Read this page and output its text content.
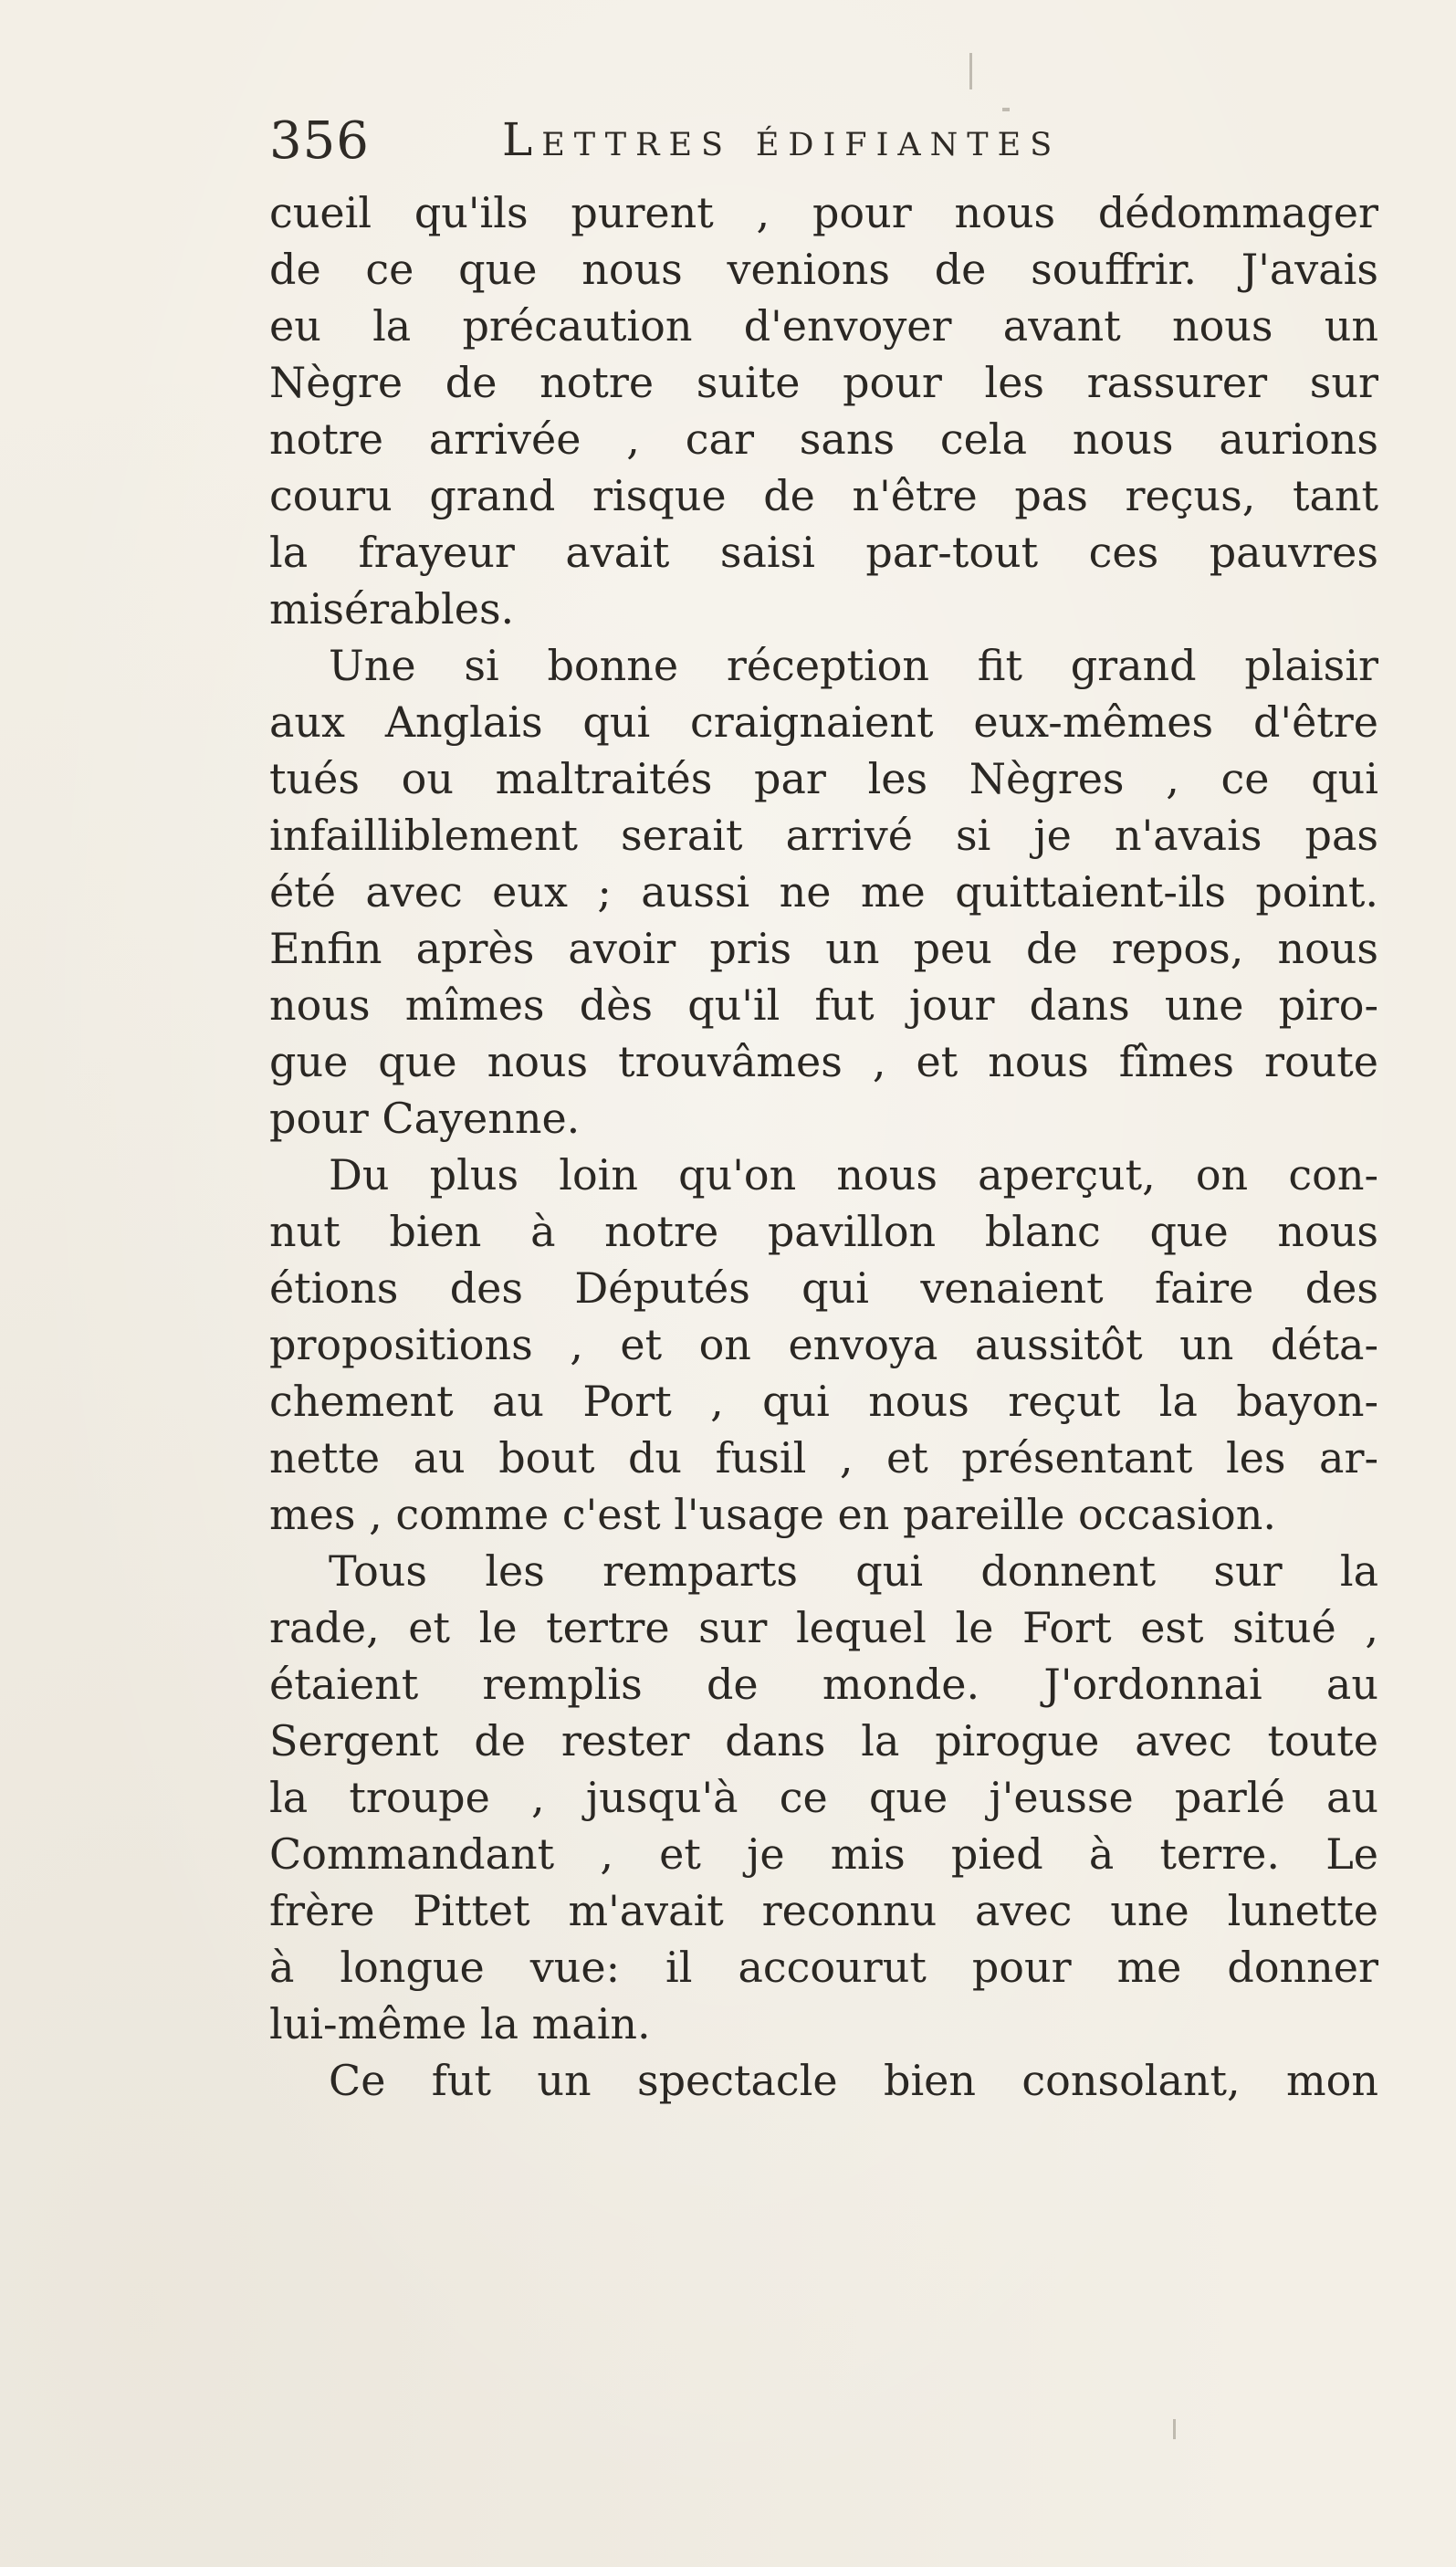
356	Lettres édifiantes
cueil qu'ils purent , pour nous dédommager
de ce que nous venions de souffrir. J'avais
eu la précaution d'envoyer avant nous un
Nègre de notre suite pour les rassurer sur
notre arrivée , car sans cela nous aurions
couru grand risque de n'être pas reçus, tant
la frayeur avait saisi par-tout ces pauvres
misérables.
Une si bonne réception fit grand plaisir
aux Anglais qui craignaient eux-mêmes d'être
tués ou maltraités par les Nègres , ce qui
infailliblement serait arrivé si je n'avais pas
été avec eux ; aussi ne me quittaient-ils point.
Enfin après avoir pris un peu de repos, nous
nous mîmes dès qu'il fut jour dans une piro-
gue que nous trouvâmes , et nous fîmes route
pour Cayenne.
Du plus loin qu'on nous aperçut, on con-
nut bien à notre pavillon blanc que nous
étions des Députés qui venaient faire des
propositions , et on envoya aussitôt un déta-
chement au Port , qui nous reçut la bayon-
nette au bout du fusil , et présentant les ar-
mes , comme c'est l'usage en pareille occasion.
Tous les remparts qui donnent sur la
rade, et le tertre sur lequel le Fort est situé ,
étaient remplis de monde. J'ordonnai au
Sergent de rester dans la pirogue avec toute
la troupe , jusqu'à ce que j'eusse parlé au
Commandant , et je mis pied à terre. Le
frère Pittet m'avait reconnu avec une lunette
à longue vue: il accourut pour me donner
lui-même la main.
Ce fut un spectacle bien consolant, mon
